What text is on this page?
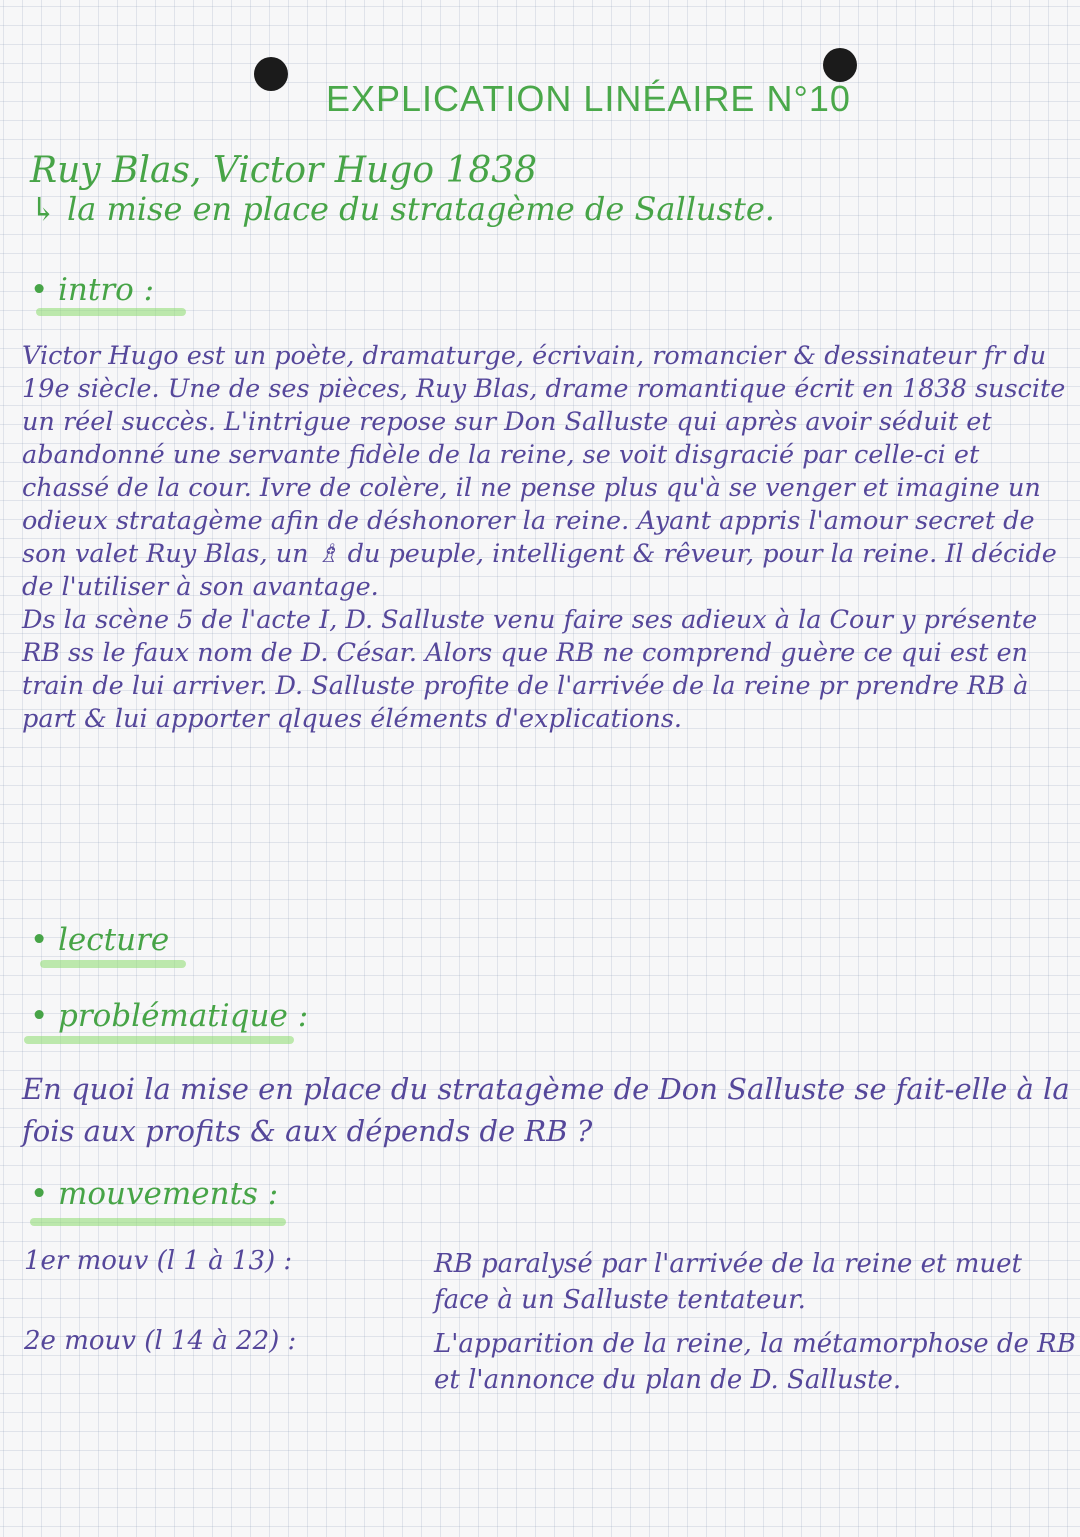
EXPLICATION LINÉAIRE N°10
Ruy Blas, Victor Hugo 1838
↳ la mise en place du stratagème de Salluste.
• intro :

Victor Hugo est un poète, dramaturge, écrivain, romancier & dessinateur fr du 19e siècle. Une de ses pièces, Ruy Blas, drame romantique écrit en 1838 suscite un réel succès. L'intrigue repose sur Don Salluste qui après avoir séduit et abandonné une servante fidèle de la reine, se voit disgracié par celle-ci et chassé de la cour. Ivre de colère, il ne pense plus qu'à se venger et imagine un odieux stratagème afin de déshonorer la reine. Ayant appris l'amour secret de son valet Ruy Blas, un ♗ du peuple, intelligent & rêveur, pour la reine. Il décide de l'utiliser à son avantage.

Ds la scène 5 de l'acte I, D. Salluste venu faire ses adieux à la Cour y présente RB ss le faux nom de D. César. Alors que RB ne comprend guère ce qui est en train de lui arriver. D. Salluste profite de l'arrivée de la reine pr prendre RB à part & lui apporter qlques éléments d'explications.

• lecture
• problématique :
En quoi la mise en place du stratagème de Don Salluste se fait-elle à la fois aux profits & aux dépends de RB ?
• mouvements :
1er mouv (l 1 à 13) :	RB paralysé par l'arrivée de la reine et muet face à un Salluste tentateur.
2e mouv (l 14 à 22) :	L'apparition de la reine, la métamorphose de RB et l'annonce du plan de D. Salluste.
